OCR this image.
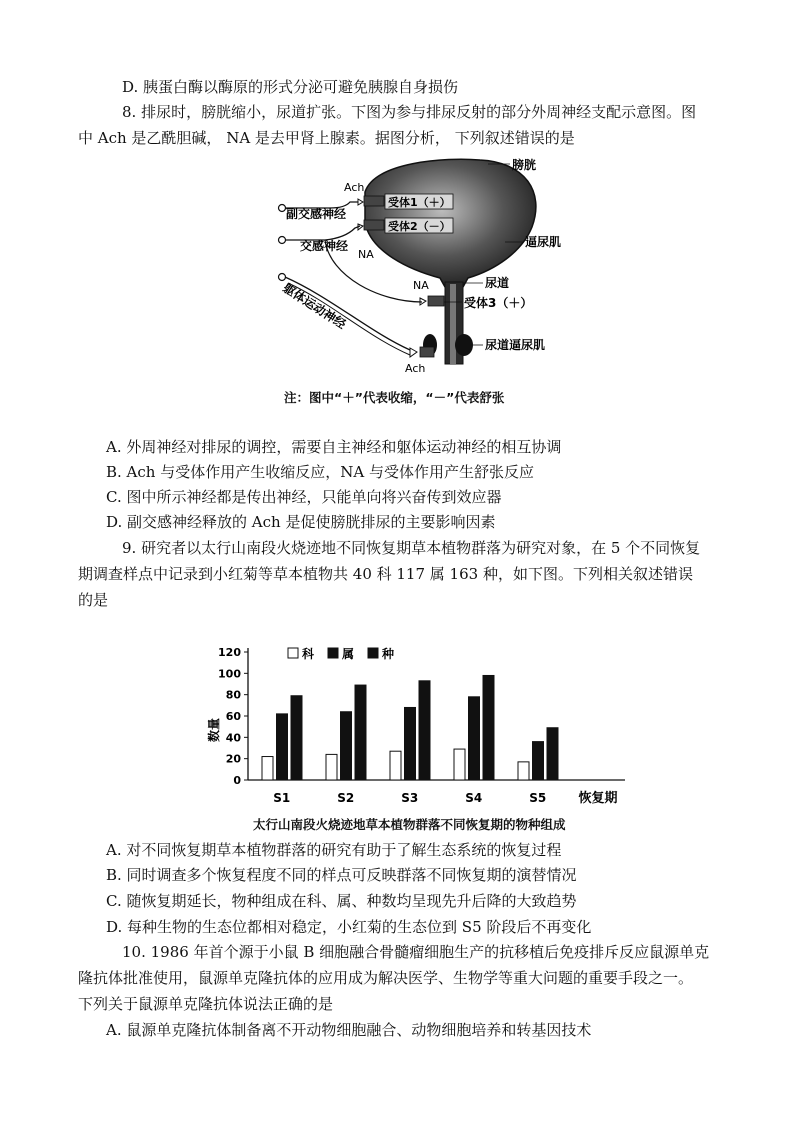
D. 胰蛋白酶以酶原的形式分泌可避免胰腺自身损伤
8. 排尿时，膀胱缩小，尿道扩张。下图为参与排尿反射的部分外周神经支配示意图。图
中 Ach 是乙酰胆碱， NA 是去甲肾上腺素。据图分析， 下列叙述错误的是
膀胱
受体1（＋）
受体2（－）
逼尿肌
尿道
受体3（＋）
尿道逼尿肌
副交感神经
交感神经
躯体运动神经
Ach
NA
NA
Ach
注：图中“＋”代表收缩，“－”代表舒张
A. 外周神经对排尿的调控，需要自主神经和躯体运动神经的相互协调
B. Ach 与受体作用产生收缩反应，NA 与受体作用产生舒张反应
C. 图中所示神经都是传出神经，只能单向将兴奋传到效应器
D. 副交感神经释放的 Ach 是促使膀胱排尿的主要影响因素
9. 研究者以太行山南段火烧迹地不同恢复期草本植物群落为研究对象，在 5 个不同恢复
期调查样点中记录到小红菊等草本植物共 40 科 117 属 163 种，如下图。下列相关叙述错误
的是
0
20
40
60
80
100
120
S1	S2	S3	S4	S5
科 属 种
数量
恢复期
太行山南段火烧迹地草本植物群落不同恢复期的物种组成
A. 对不同恢复期草本植物群落的研究有助于了解生态系统的恢复过程
B. 同时调查多个恢复程度不同的样点可反映群落不同恢复期的演替情况
C. 随恢复期延长，物种组成在科、属、种数均呈现先升后降的大致趋势
D. 每种生物的生态位都相对稳定，小红菊的生态位到 S5 阶段后不再变化
10. 1986 年首个源于小鼠 B 细胞融合骨髓瘤细胞生产的抗移植后免疫排斥反应鼠源单克
隆抗体批准使用，鼠源单克隆抗体的应用成为解决医学、生物学等重大问题的重要手段之一。
下列关于鼠源单克隆抗体说法正确的是
A. 鼠源单克隆抗体制备离不开动物细胞融合、动物细胞培养和转基因技术
